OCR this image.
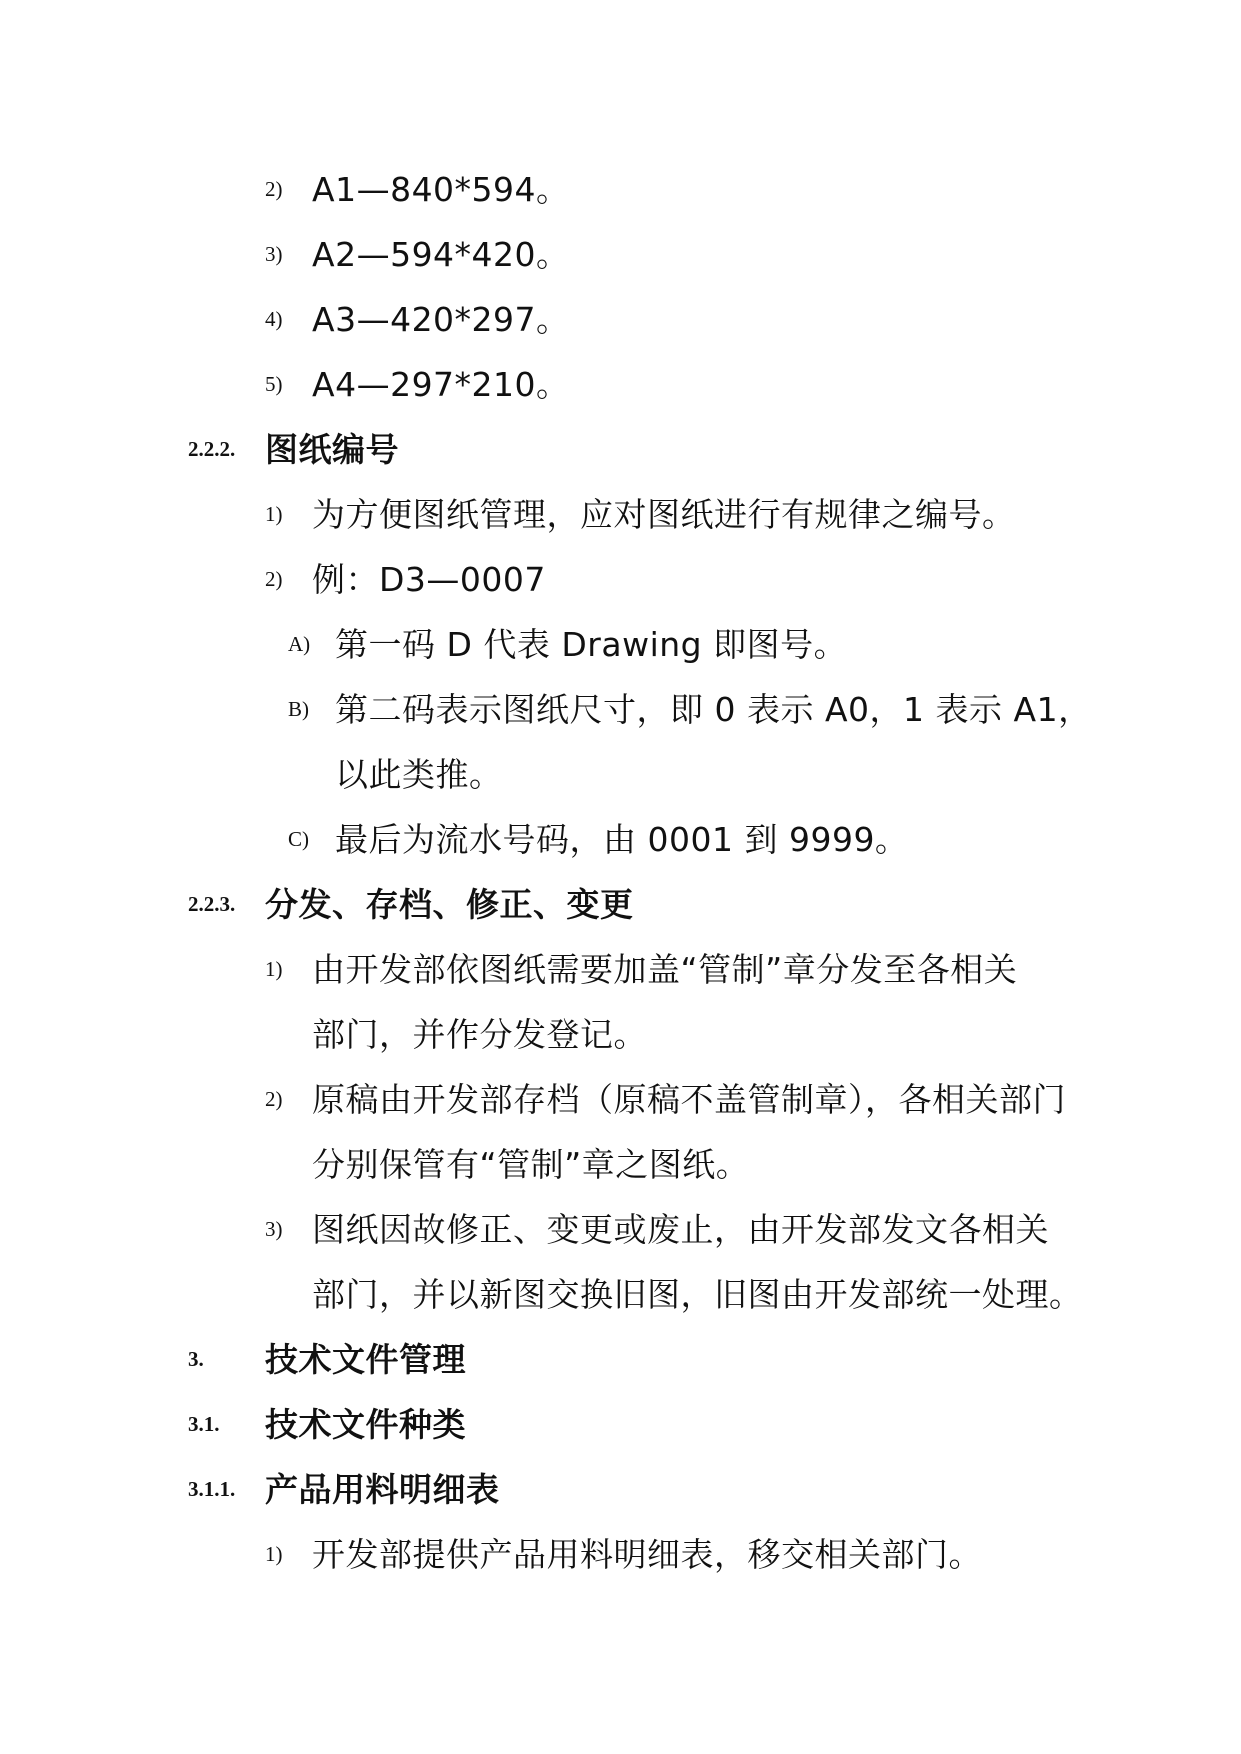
2) A1—840*594。
3) A2—594*420。
4) A3—420*297。
5) A4—297*210。
2.2.2. 图纸编号
1) 为方便图纸管理，应对图纸进行有规律之编号。
2) 例：D3—0007
A) 第一码 D 代表 Drawing 即图号。
B) 第二码表示图纸尺寸，即 0 表示 A0，1 表示 A1，
以此类推。
C) 最后为流水号码，由 0001 到 9999。
2.2.3. 分发、存档、修正、变更
1) 由开发部依图纸需要加盖“管制”章分发至各相关
部门，并作分发登记。
2) 原稿由开发部存档（原稿不盖管制章），各相关部门
分别保管有“管制”章之图纸。
3) 图纸因故修正、变更或废止，由开发部发文各相关
部门，并以新图交换旧图，旧图由开发部统一处理。
3. 技术文件管理
3.1. 技术文件种类
3.1.1. 产品用料明细表
1) 开发部提供产品用料明细表，移交相关部门。
